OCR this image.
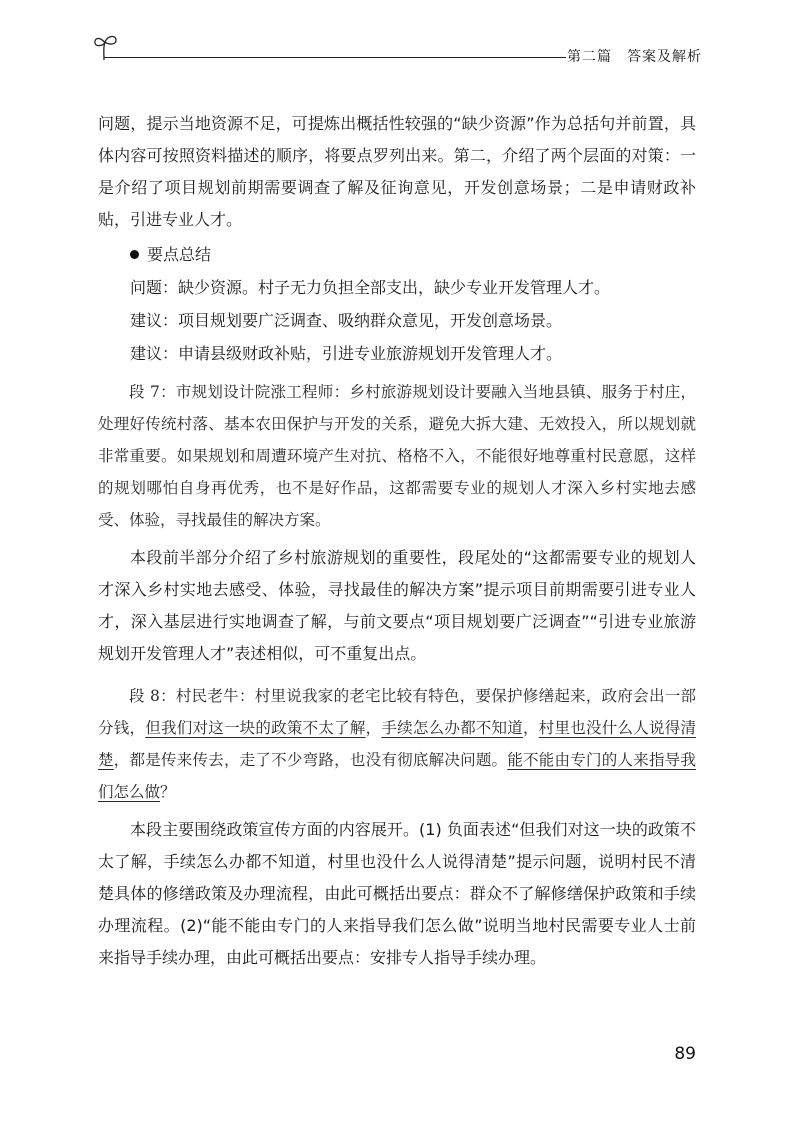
第二篇　答案及解析

问题，提示当地资源不足，可提炼出概括性较强的“缺少资源”作为总括句并前置，具体内容可按照资料描述的顺序，将要点罗列出来。第二，介绍了两个层面的对策：一是介绍了项目规划前期需要调查了解及征询意见，开发创意场景；二是申请财政补贴，引进专业人才。

要点总结
问题：缺少资源。村子无力负担全部支出，缺少专业开发管理人才。
建议：项目规划要广泛调查、吸纳群众意见，开发创意场景。
建议：申请县级财政补贴，引进专业旅游规划开发管理人才。

段 7：市规划设计院涨工程师：乡村旅游规划设计要融入当地县镇、服务于村庄，处理好传统村落、基本农田保护与开发的关系，避免大拆大建、无效投入，所以规划就非常重要。如果规划和周遭环境产生对抗、格格不入，不能很好地尊重村民意愿，这样的规划哪怕自身再优秀，也不是好作品，这都需要专业的规划人才深入乡村实地去感受、体验，寻找最佳的解决方案。

本段前半部分介绍了乡村旅游规划的重要性，段尾处的“这都需要专业的规划人才深入乡村实地去感受、体验，寻找最佳的解决方案”提示项目前期需要引进专业人才，深入基层进行实地调查了解，与前文要点“项目规划要广泛调查”“引进专业旅游规划开发管理人才”表述相似，可不重复出点。

段 8：村民老牛：村里说我家的老宅比较有特色，要保护修缮起来，政府会出一部分钱，但我们对这一块的政策不太了解，手续怎么办都不知道，村里也没什么人说得清楚，都是传来传去，走了不少弯路，也没有彻底解决问题。能不能由专门的人来指导我们怎么做？

本段主要围绕政策宣传方面的内容展开。(1) 负面表述“但我们对这一块的政策不太了解，手续怎么办都不知道，村里也没什么人说得清楚”提示问题，说明村民不清楚具体的修缮政策及办理流程，由此可概括出要点：群众不了解修缮保护政策和手续办理流程。(2)“能不能由专门的人来指导我们怎么做”说明当地村民需要专业人士前来指导手续办理，由此可概括出要点：安排专人指导手续办理。

89
